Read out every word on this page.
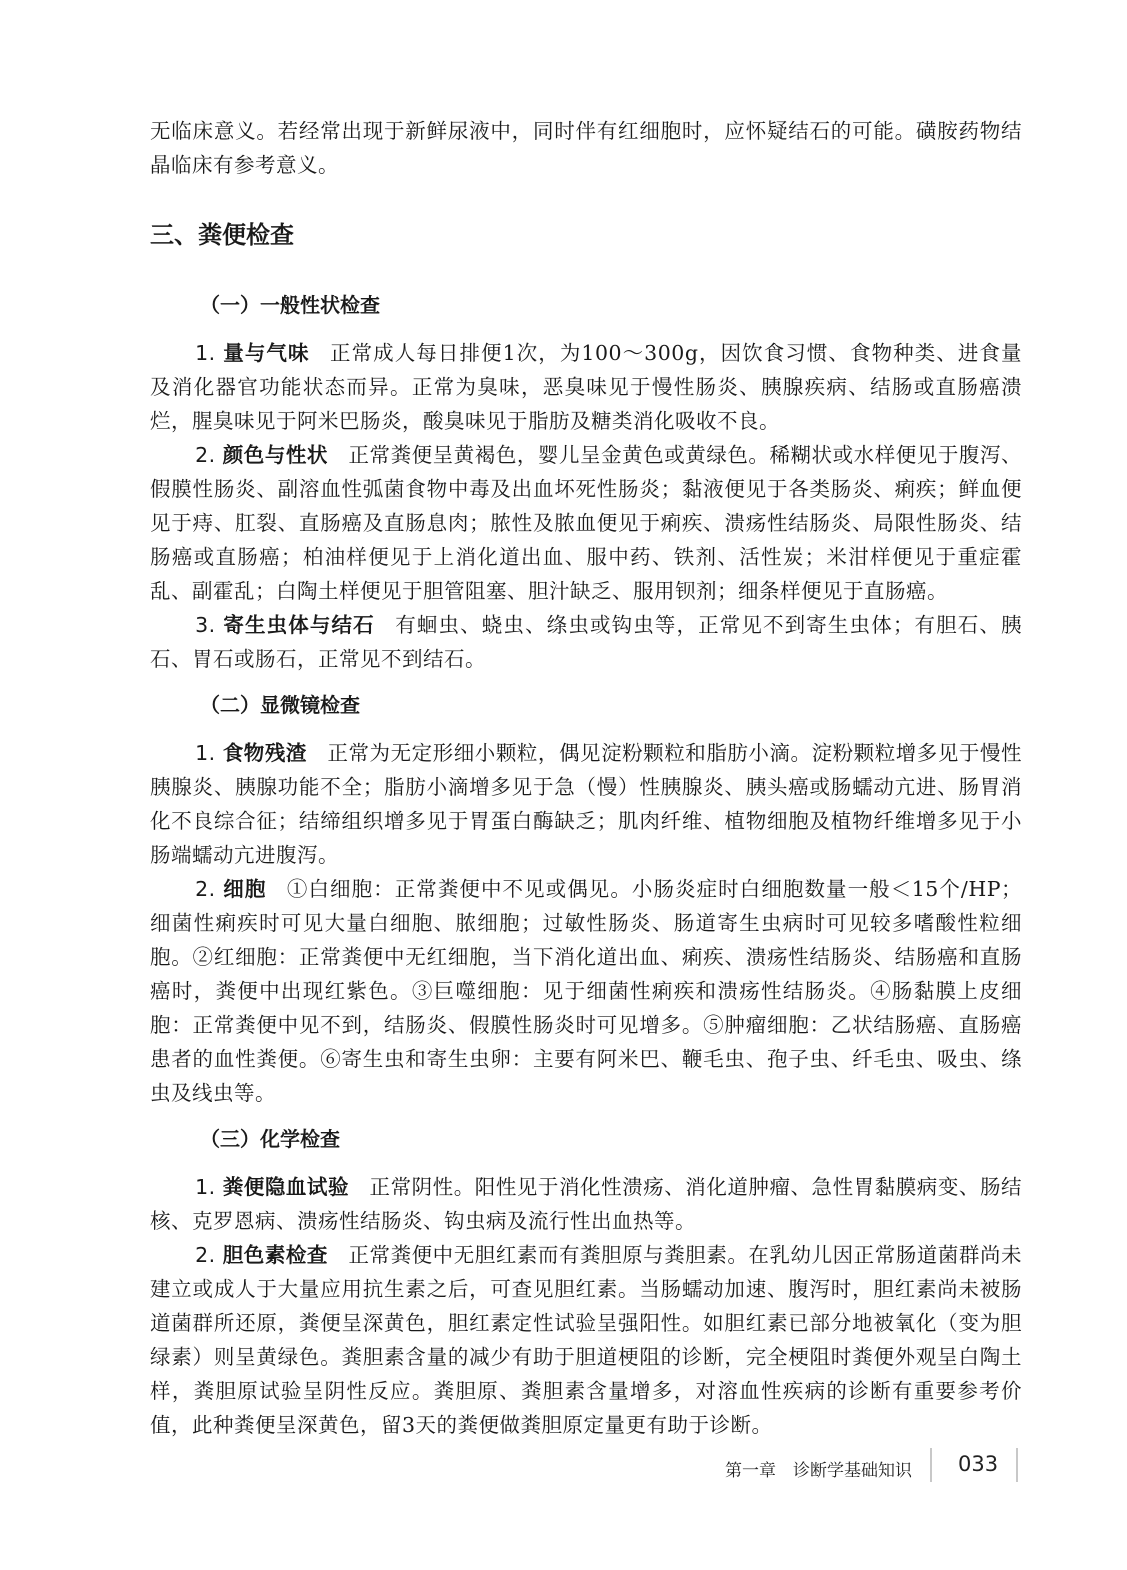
无临床意义。若经常出现于新鲜尿液中，同时伴有红细胞时，应怀疑结石的可能。磺胺药物结晶临床有参考意义。

三、粪便检查
（一）一般性状检查

1. 量与气味 正常成人每日排便1次，为100～300g，因饮食习惯、食物种类、进食量及消化器官功能状态而异。正常为臭味，恶臭味见于慢性肠炎、胰腺疾病、结肠或直肠癌溃烂，腥臭味见于阿米巴肠炎，酸臭味见于脂肪及糖类消化吸收不良。

2. 颜色与性状 正常粪便呈黄褐色，婴儿呈金黄色或黄绿色。稀糊状或水样便见于腹泻、假膜性肠炎、副溶血性弧菌食物中毒及出血坏死性肠炎；黏液便见于各类肠炎、痢疾；鲜血便见于痔、肛裂、直肠癌及直肠息肉；脓性及脓血便见于痢疾、溃疡性结肠炎、局限性肠炎、结肠癌或直肠癌；柏油样便见于上消化道出血、服中药、铁剂、活性炭；米泔样便见于重症霍乱、副霍乱；白陶土样便见于胆管阻塞、胆汁缺乏、服用钡剂；细条样便见于直肠癌。

3. 寄生虫体与结石 有蛔虫、蛲虫、绦虫或钩虫等，正常见不到寄生虫体；有胆石、胰石、胃石或肠石，正常见不到结石。

（二）显微镜检查

1. 食物残渣 正常为无定形细小颗粒，偶见淀粉颗粒和脂肪小滴。淀粉颗粒增多见于慢性胰腺炎、胰腺功能不全；脂肪小滴增多见于急（慢）性胰腺炎、胰头癌或肠蠕动亢进、肠胃消化不良综合征；结缔组织增多见于胃蛋白酶缺乏；肌肉纤维、植物细胞及植物纤维增多见于小肠端蠕动亢进腹泻。

2. 细胞 ①白细胞：正常粪便中不见或偶见。小肠炎症时白细胞数量一般＜15个/HP；细菌性痢疾时可见大量白细胞、脓细胞；过敏性肠炎、肠道寄生虫病时可见较多嗜酸性粒细胞。②红细胞：正常粪便中无红细胞，当下消化道出血、痢疾、溃疡性结肠炎、结肠癌和直肠癌时，粪便中出现红紫色。③巨噬细胞：见于细菌性痢疾和溃疡性结肠炎。④肠黏膜上皮细胞：正常粪便中见不到，结肠炎、假膜性肠炎时可见增多。⑤肿瘤细胞：乙状结肠癌、直肠癌患者的血性粪便。⑥寄生虫和寄生虫卵：主要有阿米巴、鞭毛虫、孢子虫、纤毛虫、吸虫、绦虫及线虫等。

（三）化学检查

1. 粪便隐血试验 正常阴性。阳性见于消化性溃疡、消化道肿瘤、急性胃黏膜病变、肠结核、克罗恩病、溃疡性结肠炎、钩虫病及流行性出血热等。

2. 胆色素检查 正常粪便中无胆红素而有粪胆原与粪胆素。在乳幼儿因正常肠道菌群尚未建立或成人于大量应用抗生素之后，可查见胆红素。当肠蠕动加速、腹泻时，胆红素尚未被肠道菌群所还原，粪便呈深黄色，胆红素定性试验呈强阳性。如胆红素已部分地被氧化（变为胆绿素）则呈黄绿色。粪胆素含量的减少有助于胆道梗阻的诊断，完全梗阻时粪便外观呈白陶土样，粪胆原试验呈阴性反应。粪胆原、粪胆素含量增多，对溶血性疾病的诊断有重要参考价值，此种粪便呈深黄色，留3天的粪便做粪胆原定量更有助于诊断。

第一章　诊断学基础知识 033
